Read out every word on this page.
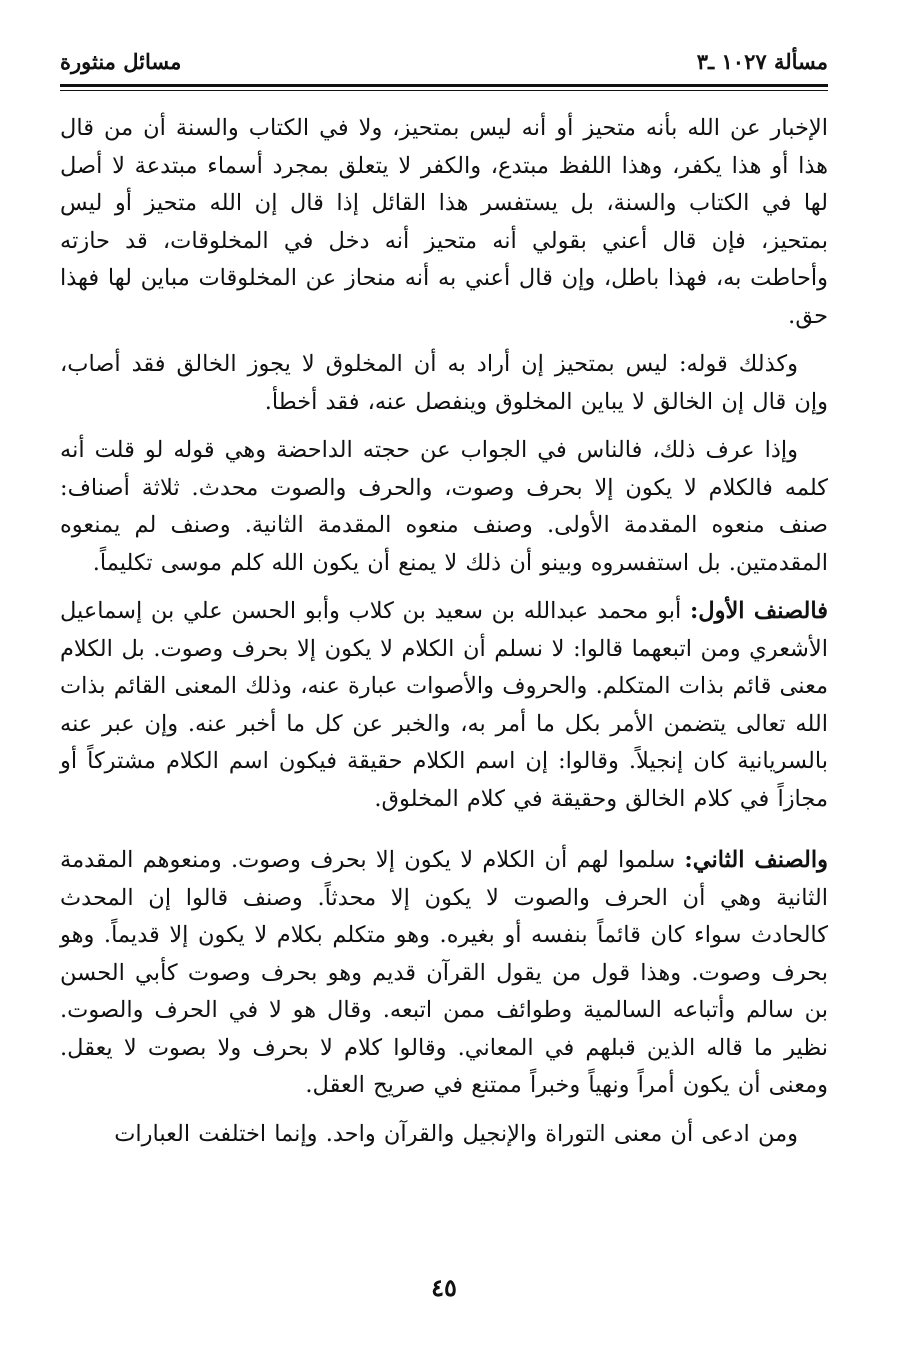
مسألة ١٠٢٧ ـ٣
مسائل منثورة

الإخبار عن الله بأنه متحيز أو أنه ليس بمتحيز، ولا في الكتاب والسنة أن من قال هذا أو هذا يكفر، وهذا اللفظ مبتدع، والكفر لا يتعلق بمجرد أسماء مبتدعة لا أصل لها في الكتاب والسنة، بل يستفسر هذا القائل إذا قال إن الله متحيز أو ليس بمتحيز، فإن قال أعني بقولي أنه متحيز أنه دخل في المخلوقات، قد حازته وأحاطت به، فهذا باطل، وإن قال أعني به أنه منحاز عن المخلوقات مباين لها فهذا حق.

وكذلك قوله: ليس بمتحيز إن أراد به أن المخلوق لا يجوز الخالق فقد أصاب، وإن قال إن الخالق لا يباين المخلوق وينفصل عنه، فقد أخطأ.

وإذا عرف ذلك، فالناس في الجواب عن حجته الداحضة وهي قوله لو قلت أنه كلمه فالكلام لا يكون إلا بحرف وصوت، والحرف والصوت محدث. ثلاثة أصناف: صنف منعوه المقدمة الأولى. وصنف منعوه المقدمة الثانية. وصنف لم يمنعوه المقدمتين. بل استفسروه وبينو أن ذلك لا يمنع أن يكون الله كلم موسى تكليماً.

فالصنف الأول: أبو محمد عبدالله بن سعيد بن كلاب وأبو الحسن علي بن إسماعيل الأشعري ومن اتبعهما قالوا: لا نسلم أن الكلام لا يكون إلا بحرف وصوت. بل الكلام معنى قائم بذات المتكلم. والحروف والأصوات عبارة عنه، وذلك المعنى القائم بذات الله تعالى يتضمن الأمر بكل ما أمر به، والخبر عن كل ما أخبر عنه. وإن عبر عنه بالسريانية كان إنجيلاً. وقالوا: إن اسم الكلام حقيقة فيكون اسم الكلام مشتركاً أو مجازاً في كلام الخالق وحقيقة في كلام المخلوق.

والصنف الثاني: سلموا لهم أن الكلام لا يكون إلا بحرف وصوت. ومنعوهم المقدمة الثانية وهي أن الحرف والصوت لا يكون إلا محدثاً. وصنف قالوا إن المحدث كالحادث سواء كان قائماً بنفسه أو بغيره. وهو متكلم بكلام لا يكون إلا قديماً. وهو بحرف وصوت. وهذا قول من يقول القرآن قديم وهو بحرف وصوت كأبي الحسن بن سالم وأتباعه السالمية وطوائف ممن اتبعه. وقال هو لا في الحرف والصوت. نظير ما قاله الذين قبلهم في المعاني. وقالوا كلام لا بحرف ولا بصوت لا يعقل. ومعنى أن يكون أمراً ونهياً وخبراً ممتنع في صريح العقل.

ومن ادعى أن معنى التوراة والإنجيل والقرآن واحد. وإنما اختلفت العبارات

٤٥
